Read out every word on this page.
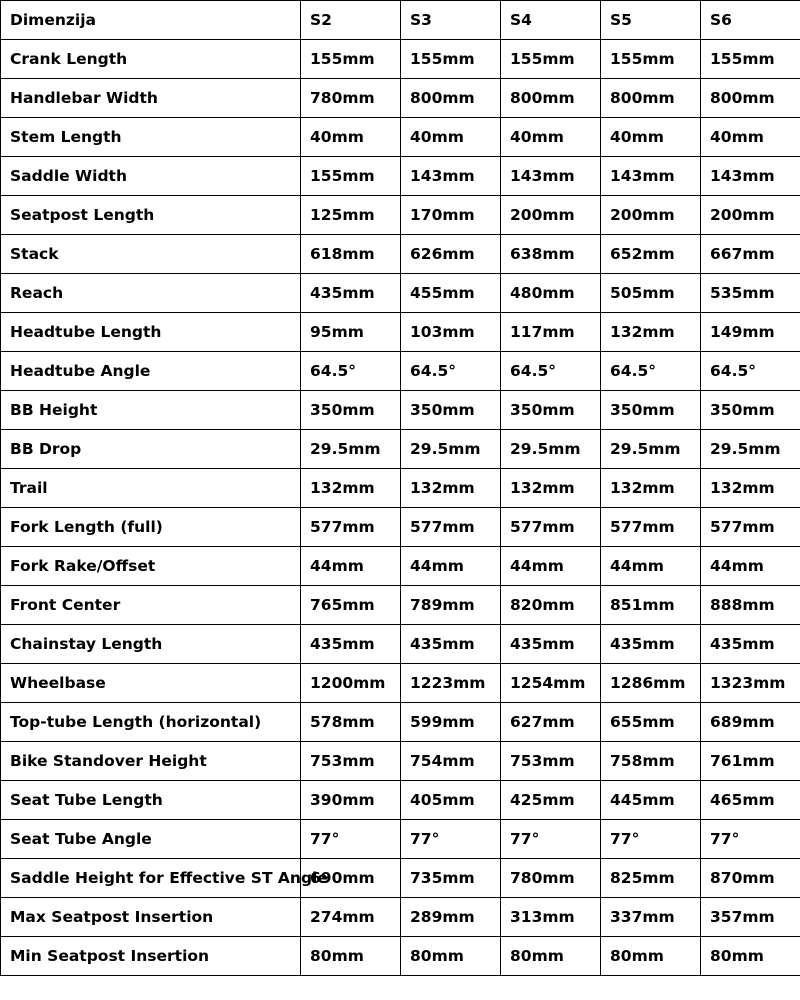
Dimenzija	S2	S3	S4	S5	S6
Crank Length	155mm	155mm	155mm	155mm	155mm
Handlebar Width	780mm	800mm	800mm	800mm	800mm
Stem Length	40mm	40mm	40mm	40mm	40mm
Saddle Width	155mm	143mm	143mm	143mm	143mm
Seatpost Length	125mm	170mm	200mm	200mm	200mm
Stack	618mm	626mm	638mm	652mm	667mm
Reach	435mm	455mm	480mm	505mm	535mm
Headtube Length	95mm	103mm	117mm	132mm	149mm
Headtube Angle	64.5°	64.5°	64.5°	64.5°	64.5°
BB Height	350mm	350mm	350mm	350mm	350mm
BB Drop	29.5mm	29.5mm	29.5mm	29.5mm	29.5mm
Trail	132mm	132mm	132mm	132mm	132mm
Fork Length (full)	577mm	577mm	577mm	577mm	577mm
Fork Rake/Offset	44mm	44mm	44mm	44mm	44mm
Front Center	765mm	789mm	820mm	851mm	888mm
Chainstay Length	435mm	435mm	435mm	435mm	435mm
Wheelbase	1200mm	1223mm	1254mm	1286mm	1323mm
Top-tube Length (horizontal)	578mm	599mm	627mm	655mm	689mm
Bike Standover Height	753mm	754mm	753mm	758mm	761mm
Seat Tube Length	390mm	405mm	425mm	445mm	465mm
Seat Tube Angle	77°	77°	77°	77°	77°
Saddle Height for Effective ST Angle	690mm	735mm	780mm	825mm	870mm
Max Seatpost Insertion	274mm	289mm	313mm	337mm	357mm
Min Seatpost Insertion	80mm	80mm	80mm	80mm	80mm
